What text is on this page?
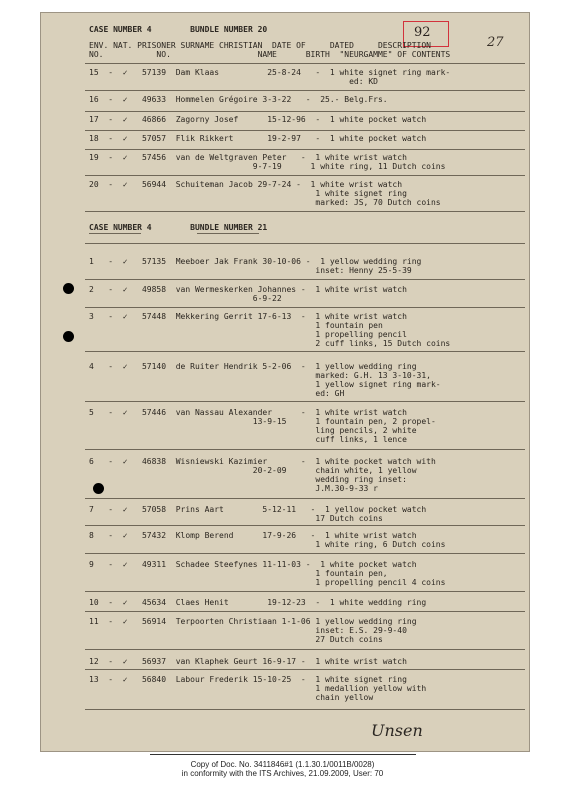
92
27
CASE NUMBER 4        BUNDLE NUMBER 20
ENV. NAT. PRISONER SURNAME CHRISTIAN  DATE OF     DATED     DESCRIPTION
NO.           NO.                  NAME      BIRTH  "NEURGAMME" OF CONTENTS
15  -  ✓   57139  Dam Klaas          25-8-24   -  1 white signet ring mark-
ed: KD
16  -  ✓   49633  Hommelen Grégoire 3-3-22   -  25.- Belg.Frs.
17  -  ✓   46866  Zagorny Josef      15-12-96  -  1 white pocket watch
18  -  ✓   57057  Flik Rikkert       19-2-97   -  1 white pocket watch
19  -  ✓   57456  van de Weltgraven Peter   -  1 white wrist watch
9-7-19      1 white ring, 11 Dutch coins
20  -  ✓   56944  Schuiteman Jacob 29-7-24 -  1 white wrist watch
1 white signet ring
marked: JS, 70 Dutch coins
CASE NUMBER 4        BUNDLE NUMBER 21
1   -  ✓   57135  Meeboer Jak Frank 30-10-06 -  1 yellow wedding ring
inset: Henny 25-5-39
2   -  ✓   49858  van Wermeskerken Johannes -  1 white wrist watch
6-9-22
3   -  ✓   57448  Mekkering Gerrit 17-6-13  -  1 white wrist watch
1 fountain pen
1 propelling pencil
2 cuff links, 15 Dutch coins
4   -  ✓   57140  de Ruiter Hendrik 5-2-06  -  1 yellow wedding ring
marked: G.H. 13 3-10-31,
1 yellow signet ring mark-
ed: GH
5   -  ✓   57446  van Nassau Alexander      -  1 white wrist watch
13-9-15      1 fountain pen, 2 propel-
ling pencils, 2 white
cuff links, 1 lence
6   -  ✓   46838  Wisniewski Kazimier       -  1 white pocket watch with
20-2-09      chain white, 1 yellow
wedding ring inset:
J.M.30-9-33 r
7   -  ✓   57058  Prins Aart        5-12-11   -  1 yellow pocket watch
17 Dutch coins
8   -  ✓   57432  Klomp Berend      17-9-26   -  1 white wrist watch
1 white ring, 6 Dutch coins
9   -  ✓   49311  Schadee Steefynes 11-11-03 -  1 white pocket watch
1 fountain pen,
1 propelling pencil 4 coins
10  -  ✓   45634  Claes Henit        19-12-23  -  1 white wedding ring
11  -  ✓   56914  Terpoorten Christiaan 1-1-06 1 yellow wedding ring
inset: E.S. 29-9-40
27 Dutch coins
12  -  ✓   56937  van Klaphek Geurt 16-9-17 -  1 white wrist watch
13  -  ✓   56840  Labour Frederik 15-10-25  -  1 white signet ring
1 medallion yellow with
chain yellow
Unsen
Copy of Doc. No. 3411846#1 (1.1.30.1/0011B/0028)
in conformity with the ITS Archives, 21.09.2009, User: 70
